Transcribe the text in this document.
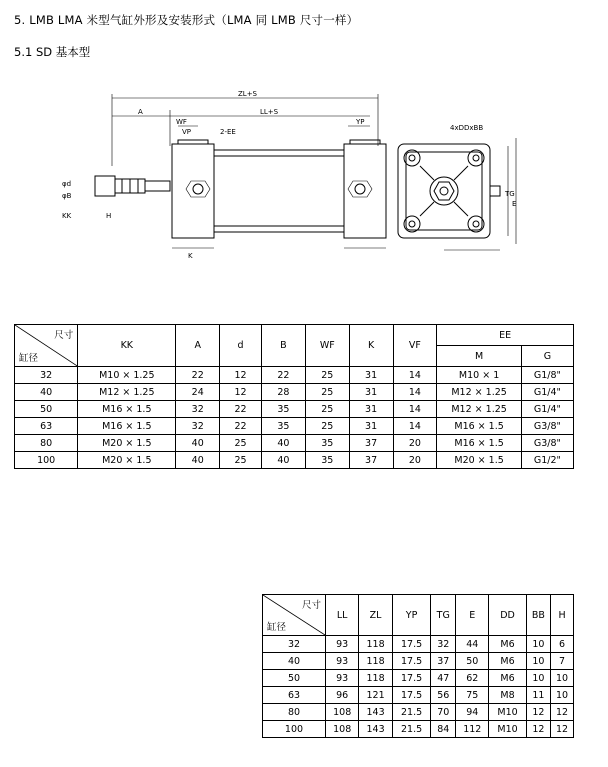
5. LMB LMA 米型气缸外形及安装形式（LMA 同 LMB 尺寸一样）
5.1 SD 基本型
A
WF
VP	2-EE
ZL+S
LL+S
YP
4xDDxBB
TG
E
KK	H
K
φd
φB
尺寸
缸径	KK	A	d	B	WF	K	VF	EE	
								M	G
32	M10 × 1.25	22	12	22	25	31	14	M10 × 1	G1/8"
40	M12 × 1.25	24	12	28	25	31	14	M12 × 1.25	G1/4"
50	M16 × 1.5	32	22	35	25	31	14	M12 × 1.25	G1/4"
63	M16 × 1.5	32	22	35	25	31	14	M16 × 1.5	G3/8"
80	M20 × 1.5	40	25	40	35	37	20	M16 × 1.5	G3/8"
100	M20 × 1.5	40	25	40	35	37	20	M20 × 1.5	G1/2"
尺寸
缸径	LL	ZL	YP	TG	E	DD	BB	H
32	93	118	17.5	32	44	M6	10	6
40	93	118	17.5	37	50	M6	10	7
50	93	118	17.5	47	62	M6	10	10
63	96	121	17.5	56	75	M8	11	10
80	108	143	21.5	70	94	M10	12	12
100	108	143	21.5	84	112	M10	12	12
